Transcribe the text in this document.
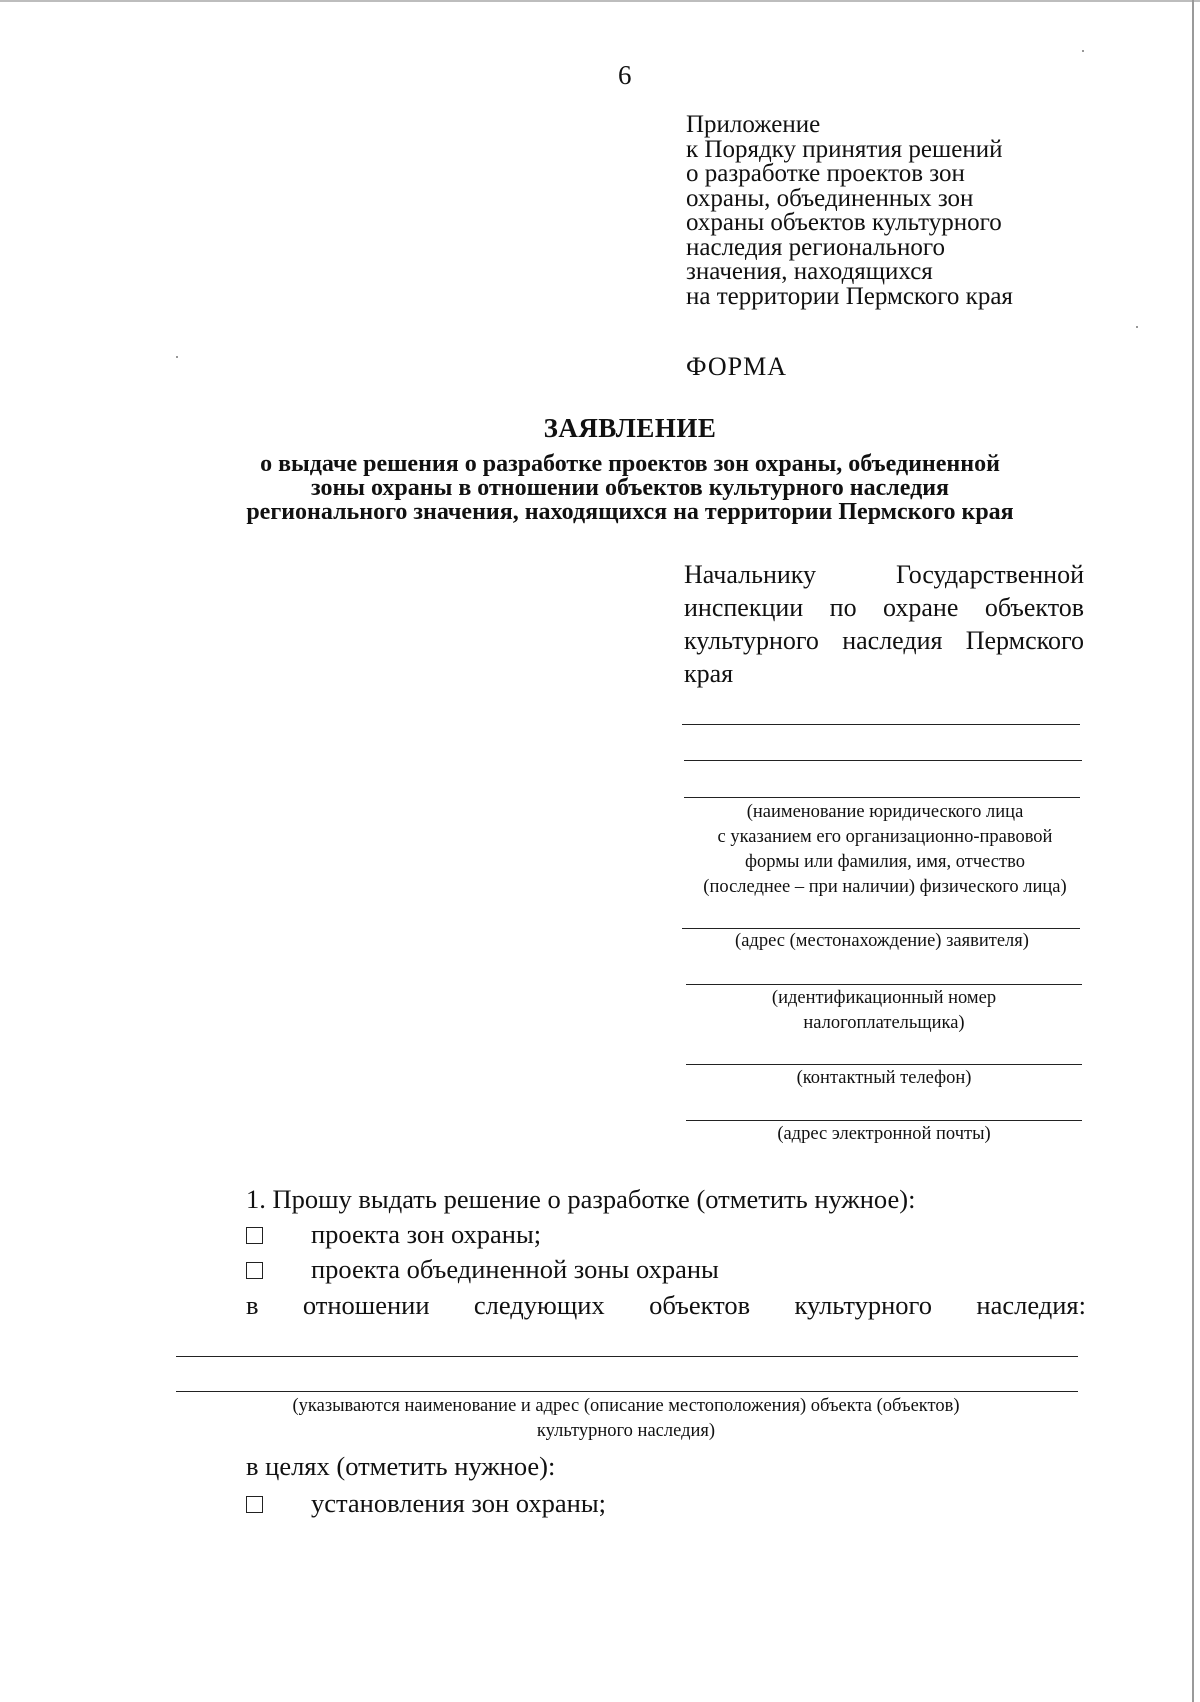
6
Приложение
к Порядку принятия решений
о разработке проектов зон
охраны, объединенных зон
охраны объектов культурного
наследия регионального
значения, находящихся
на территории Пермского края
ФОРМА
ЗАЯВЛЕНИЕ
о выдаче решения о разработке проектов зон охраны, объединенной
зоны охраны в отношении объектов культурного наследия
регионального значения, находящихся на территории Пермского края
Начальнику Государственной инспекции по охране объектов культурного наследия Пермского края
(наименование юридического лица
с указанием его организационно-правовой
формы или фамилия, имя, отчество
(последнее – при наличии) физического лица)
(адрес (местонахождение) заявителя)
(идентификационный номер
налогоплательщика)
(контактный телефон)
(адрес электронной почты)
1. Прошу выдать решение о разработке (отметить нужное):
проекта зон охраны;
проекта объединенной зоны охраны
в отношении следующих объектов культурного наследия:
(указываются наименование и адрес (описание местоположения) объекта (объектов)
культурного наследия)
в целях (отметить нужное):
установления зон охраны;
